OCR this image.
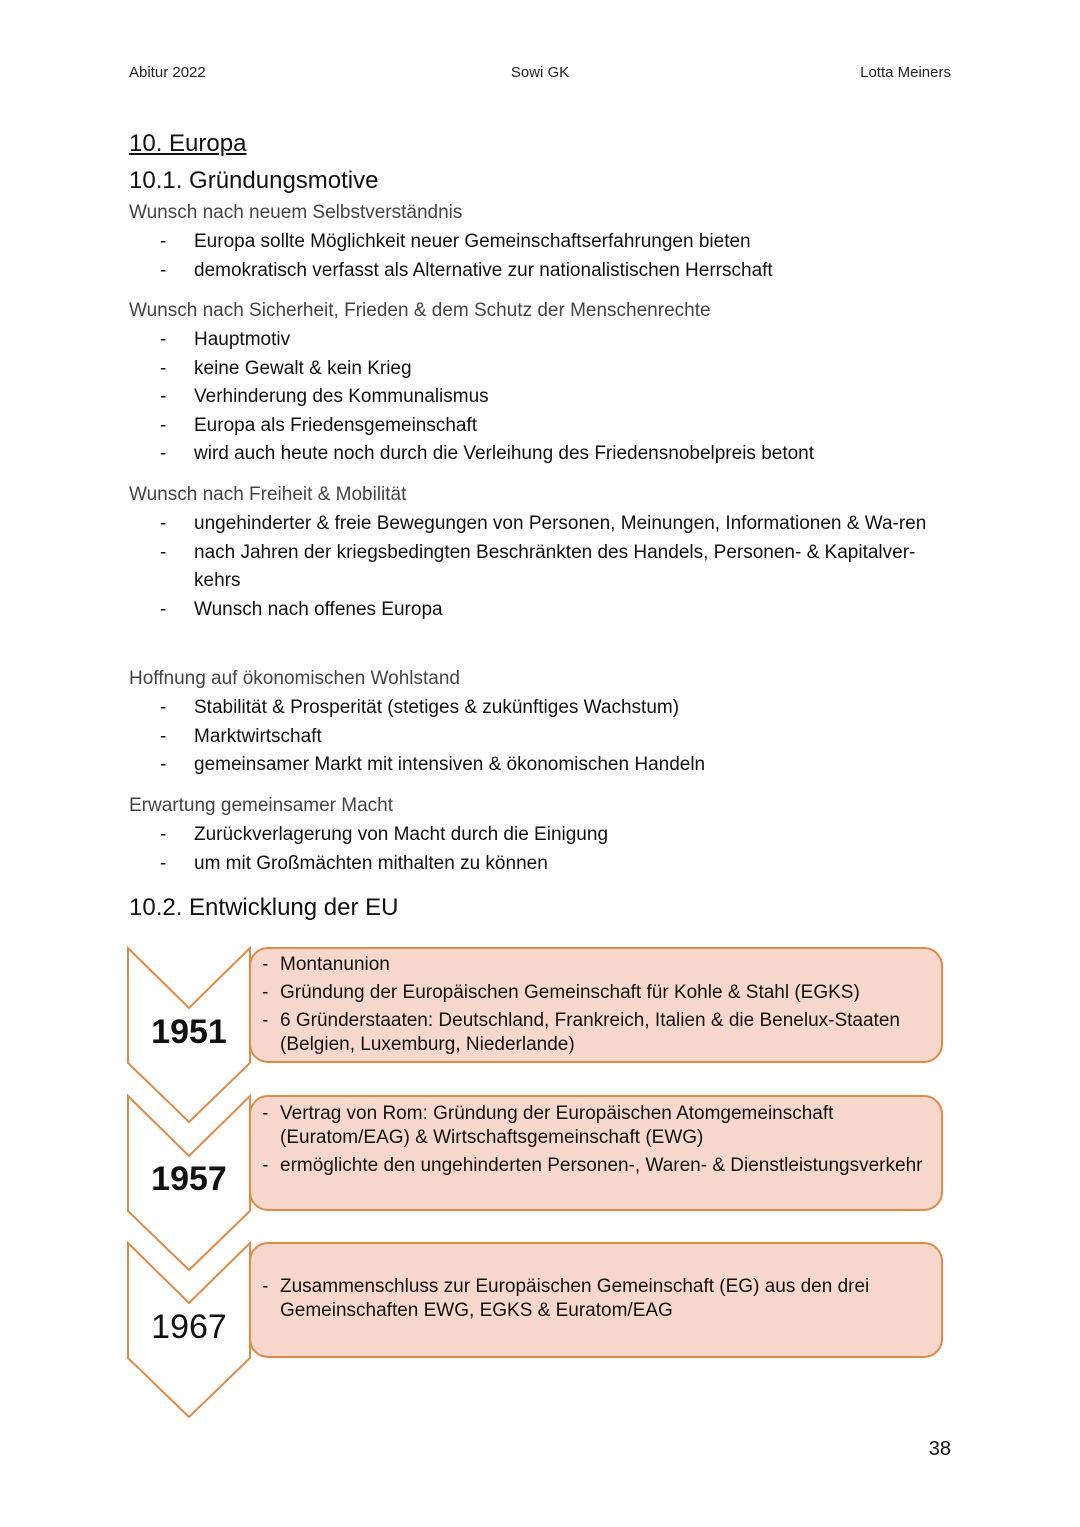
Abitur 2022	Sowi GK	Lotta Meiners
10. Europa
10.1. Gründungsmotive
Wunsch nach neuem Selbstverständnis
- Europa sollte Möglichkeit neuer Gemeinschaftserfahrungen bieten
- demokratisch verfasst als Alternative zur nationalistischen Herrschaft
Wunsch nach Sicherheit, Frieden & dem Schutz der Menschenrechte
- Hauptmotiv
- keine Gewalt & kein Krieg
- Verhinderung des Kommunalismus
- Europa als Friedensgemeinschaft
- wird auch heute noch durch die Verleihung des Friedensnobelpreis betont
Wunsch nach Freiheit & Mobilität
- ungehinderter & freie Bewegungen von Personen, Meinungen, Informationen & Wa-ren
- nach Jahren der kriegsbedingten Beschränkten des Handels, Personen- & Kapitalver-kehrs
- Wunsch nach offenes Europa
Hoffnung auf ökonomischen Wohlstand
- Stabilität & Prosperität (stetiges & zukünftiges Wachstum)
- Marktwirtschaft
- gemeinsamer Markt mit intensiven & ökonomischen Handeln
Erwartung gemeinsamer Macht
- Zurückverlagerung von Macht durch die Einigung
- um mit Großmächten mithalten zu können
10.2. Entwicklung der EU
1951
- Montanunion
- Gründung der Europäischen Gemeinschaft für Kohle & Stahl (EGKS)
- 6 Gründerstaaten: Deutschland, Frankreich, Italien & die Benelux-Staaten (Belgien, Luxemburg, Niederlande)
1957
- Vertrag von Rom: Gründung der Europäischen Atomgemeinschaft (Euratom/EAG) & Wirtschaftsgemeinschaft (EWG)
- ermöglichte den ungehinderten Personen-, Waren- & Dienstleistungsverkehr
1967
- Zusammenschluss zur Europäischen Gemeinschaft (EG) aus den drei Gemeinschaften EWG, EGKS & Euratom/EAG
38
